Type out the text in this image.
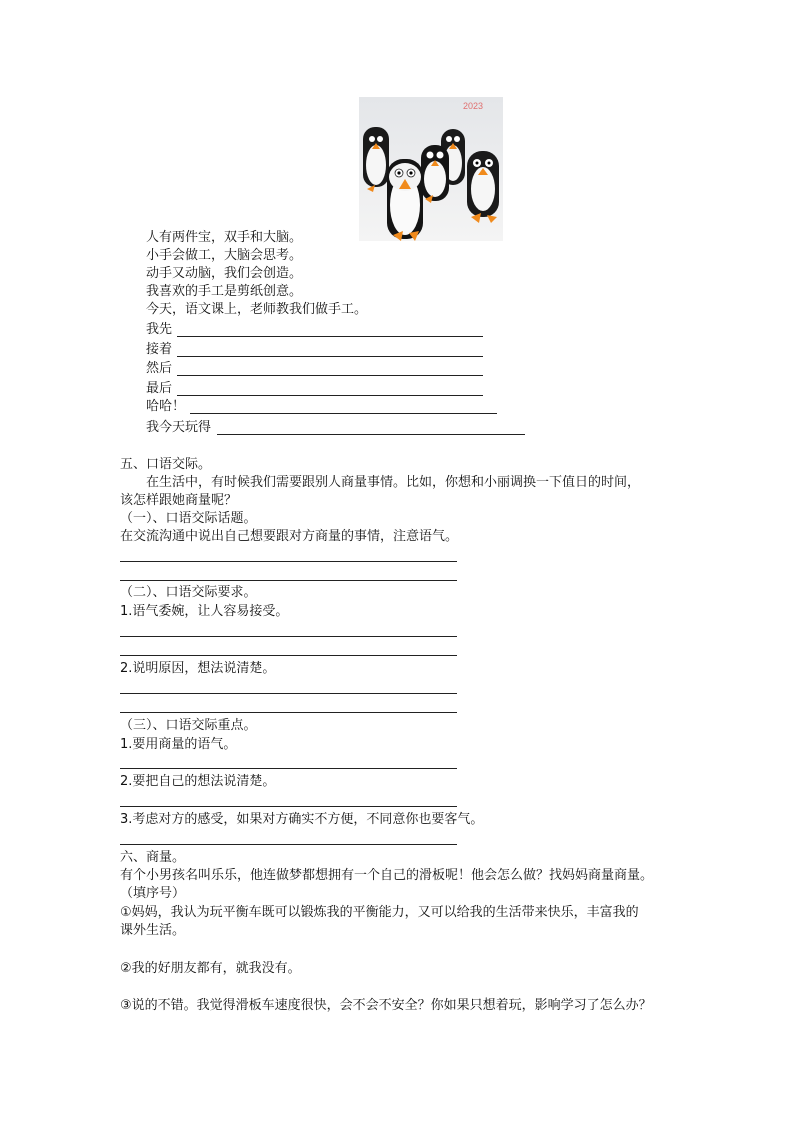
2023
人有两件宝，双手和大脑。
小手会做工，大脑会思考。
动手又动脑，我们会创造。
我喜欢的手工是剪纸创意。
今天，语文课上，老师教我们做手工。
我先
接着
然后
最后
哈哈！
我今天玩得
五、口语交际。
在生活中，有时候我们需要跟别人商量事情。比如，你想和小丽调换一下值日的时间，
该怎样跟她商量呢？
（一）、口语交际话题。
在交流沟通中说出自己想要跟对方商量的事情，注意语气。
（二）、口语交际要求。
1.语气委婉，让人容易接受。
2.说明原因，想法说清楚。
（三）、口语交际重点。
1.要用商量的语气。
2.要把自己的想法说清楚。
3.考虑对方的感受，如果对方确实不方便，不同意你也要客气。
六、商量。
有个小男孩名叫乐乐，他连做梦都想拥有一个自己的滑板呢！他会怎么做？找妈妈商量商量。
（填序号）
①妈妈，我认为玩平衡车既可以锻炼我的平衡能力，又可以给我的生活带来快乐，丰富我的
课外生活。
②我的好朋友都有，就我没有。
③说的不错。我觉得滑板车速度很快，会不会不安全？你如果只想着玩，影响学习了怎么办？
